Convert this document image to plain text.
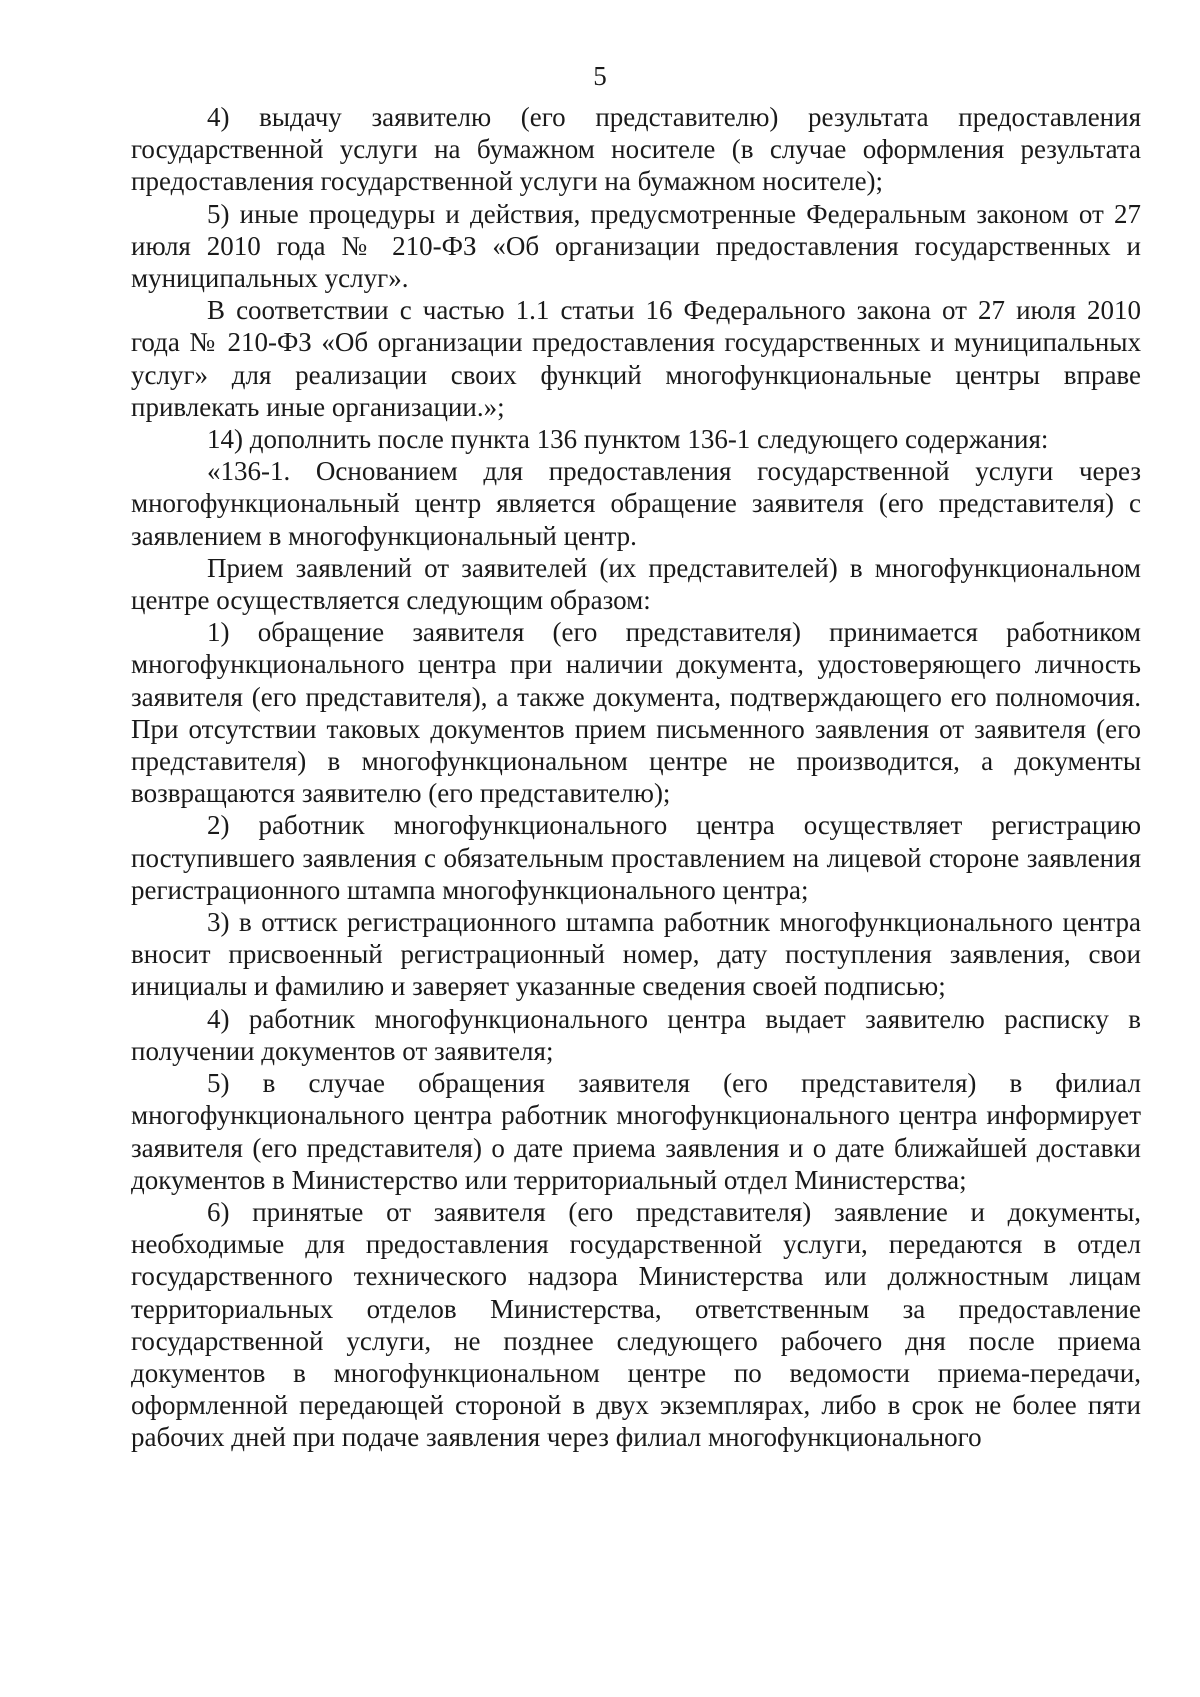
5

4) выдачу заявителю (его представителю) результата предоставления государственной услуги на бумажном носителе (в случае оформления результата предоставления государственной услуги на бумажном носителе);

5) иные процедуры и действия, предусмотренные Федеральным законом от 27 июля 2010 года № 210-ФЗ «Об организации предоставления государственных и муниципальных услуг».

В соответствии с частью 1.1 статьи 16 Федерального закона от 27 июля 2010 года № 210-ФЗ «Об организации предоставления государственных и муниципальных услуг» для реализации своих функций многофункциональные центры вправе привлекать иные организации.»;

14) дополнить после пункта 136 пунктом 136-1 следующего содержания:

«136-1. Основанием для предоставления государственной услуги через многофункциональный центр является обращение заявителя (его представителя) с заявлением в многофункциональный центр.

Прием заявлений от заявителей (их представителей) в многофункциональном центре осуществляется следующим образом:

1) обращение заявителя (его представителя) принимается работником многофункционального центра при наличии документа, удостоверяющего личность заявителя (его представителя), а также документа, подтверждающего его полномочия. При отсутствии таковых документов прием письменного заявления от заявителя (его представителя) в многофункциональном центре не производится, а документы возвращаются заявителю (его представителю);

2) работник многофункционального центра осуществляет регистрацию поступившего заявления с обязательным проставлением на лицевой стороне заявления регистрационного штампа многофункционального центра;

3) в оттиск регистрационного штампа работник многофункционального центра вносит присвоенный регистрационный номер, дату поступления заявления, свои инициалы и фамилию и заверяет указанные сведения своей подписью;

4) работник многофункционального центра выдает заявителю расписку в получении документов от заявителя;

5) в случае обращения заявителя (его представителя) в филиал многофункционального центра работник многофункционального центра информирует заявителя (его представителя) о дате приема заявления и о дате ближайшей доставки документов в Министерство или территориальный отдел Министерства;

6) принятые от заявителя (его представителя) заявление и документы, необходимые для предоставления государственной услуги, передаются в отдел государственного технического надзора Министерства или должностным лицам территориальных отделов Министерства, ответственным за предоставление государственной услуги, не позднее следующего рабочего дня после приема документов в многофункциональном центре по ведомости приема-передачи, оформленной передающей стороной в двух экземплярах, либо в срок не более пяти рабочих дней при подаче заявления через филиал многофункционального
